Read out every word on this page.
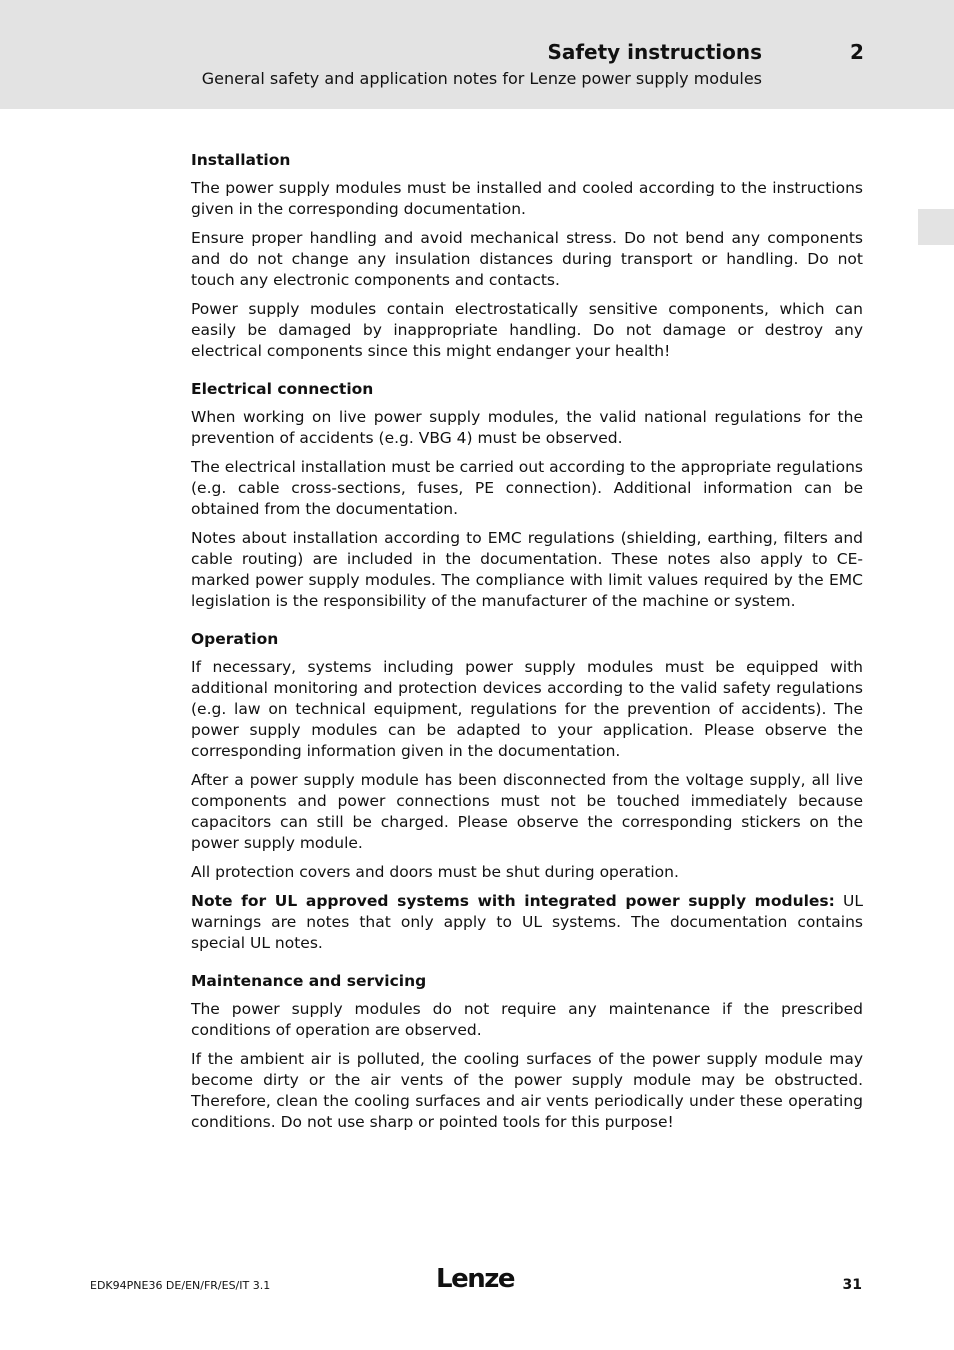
Safety instructions	2
General safety and application notes for Lenze power supply modules
Installation

The power supply modules must be installed and cooled according to the instructions given in the corresponding documentation.

Ensure proper handling and avoid mechanical stress. Do not bend any components and do not change any insulation distances during transport or handling. Do not touch any electronic components and contacts.

Power supply modules contain electrostatically sensitive components, which can easily be damaged by inappropriate handling. Do not damage or destroy any electrical components since this might endanger your health!

Electrical connection

When working on live power supply modules, the valid national regulations for the prevention of accidents (e.g. VBG 4) must be observed.

The electrical installation must be carried out according to the appropriate regulations (e.g. cable cross-sections, fuses, PE connection). Additional information can be obtained from the documentation.

Notes about installation according to EMC regulations (shielding, earthing, filters and cable routing) are included in the documentation. These notes also apply to CE-marked power supply modules. The compliance with limit values required by the EMC legislation is the responsibility of the manufacturer of the machine or system.

Operation

If necessary, systems including power supply modules must be equipped with additional monitoring and protection devices according to the valid safety regulations (e.g. law on technical equipment, regulations for the prevention of accidents). The power supply modules can be adapted to your application. Please observe the corresponding information given in the documentation.

After a power supply module has been disconnected from the voltage supply, all live components and power connections must not be touched immediately because capacitors can still be charged. Please observe the corresponding stickers on the power supply module.

All protection covers and doors must be shut during operation.

Note for UL approved systems with integrated power supply modules: UL warnings are notes that only apply to UL systems. The documentation contains special UL notes.

Maintenance and servicing

The power supply modules do not require any maintenance if the prescribed conditions of operation are observed.

If the ambient air is polluted, the cooling surfaces of the power supply module may become dirty or the air vents of the power supply module may be obstructed. Therefore, clean the cooling surfaces and air vents periodically under these operating conditions. Do not use sharp or pointed tools for this purpose!

EDK94PNE36 DE/EN/FR/ES/IT 3.1	Lenze	31
